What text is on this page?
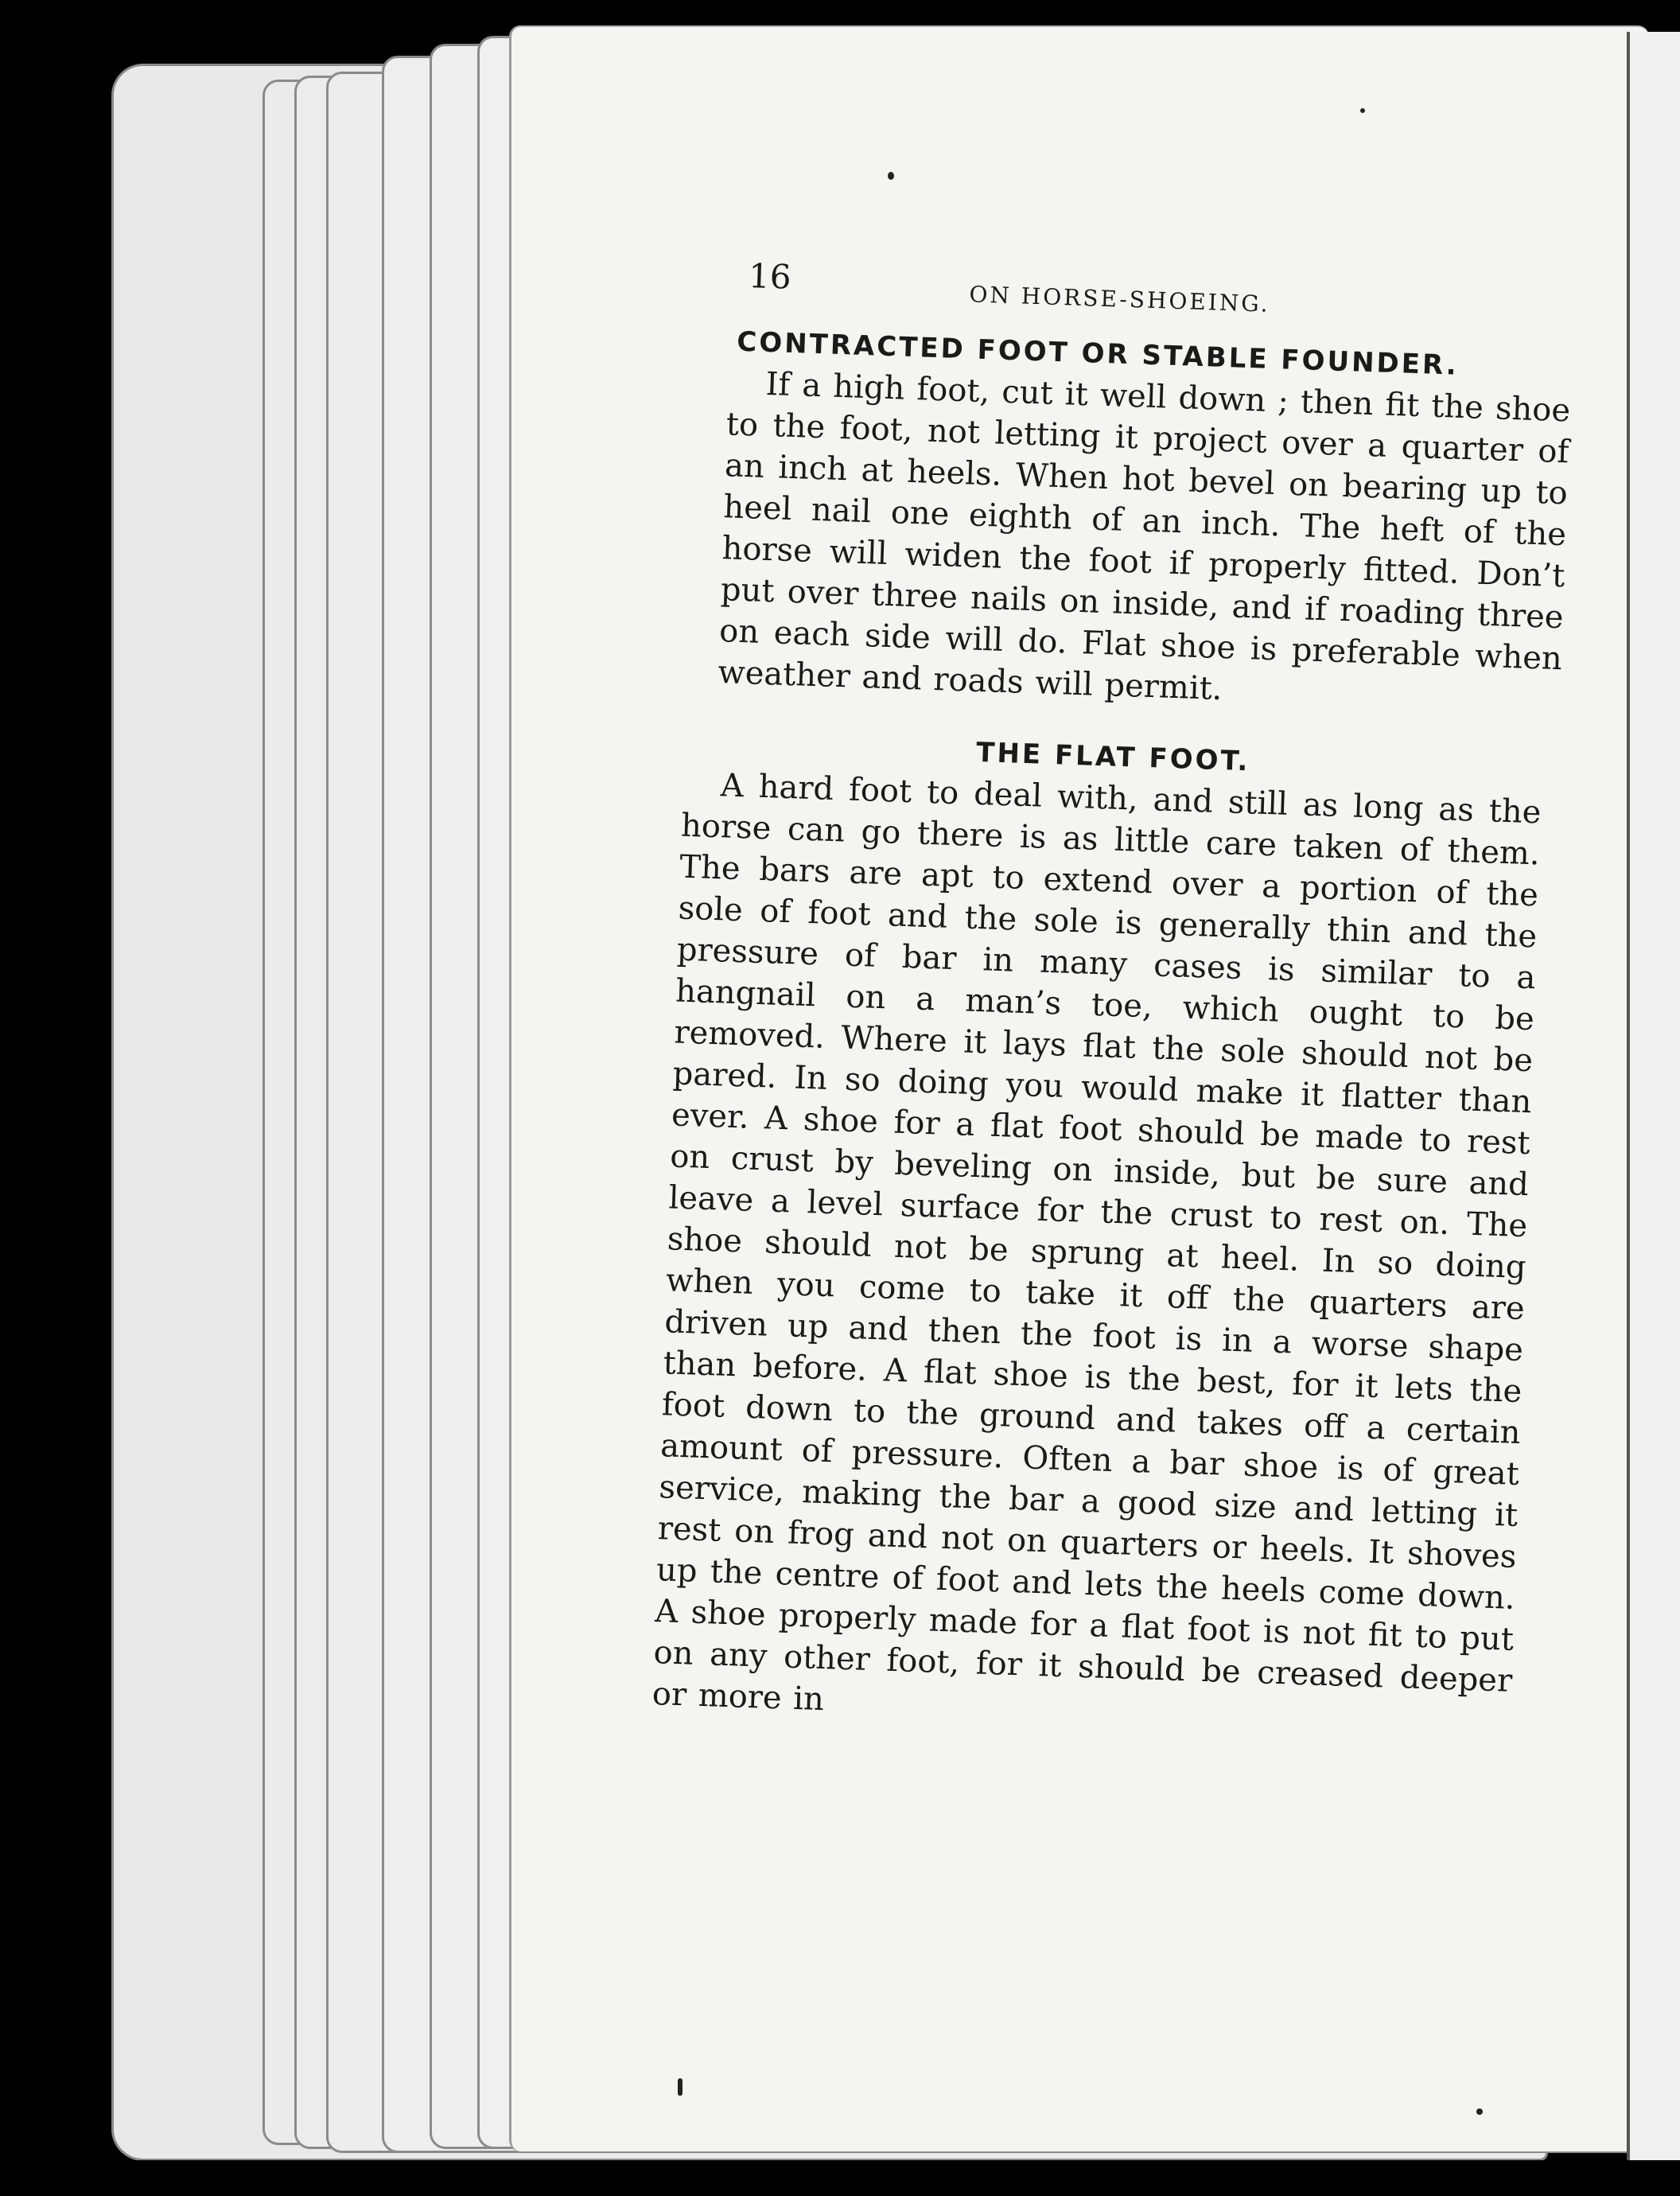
16
ON HORSE-SHOEING.
CONTRACTED FOOT OR STABLE FOUNDER.

If a high foot, cut it well down ; then fit the shoe to the foot, not letting it project over a quarter of an inch at heels. When hot bevel on bearing up to heel nail one eighth of an inch. The heft of the horse will widen the foot if properly fitted. Don’t put over three nails on inside, and if roading three on each side will do. Flat shoe is preferable when weather and roads will permit.

THE FLAT FOOT.

A hard foot to deal with, and still as long as the horse can go there is as little care taken of them. The bars are apt to extend over a portion of the sole of foot and the sole is generally thin and the pressure of bar in many cases is similar to a hangnail on a man’s toe, which ought to be removed. Where it lays flat the sole should not be pared. In so doing you would make it flatter than ever. A shoe for a flat foot should be made to rest on crust by beveling on inside, but be sure and leave a level surface for the crust to rest on. The shoe should not be sprung at heel. In so doing when you come to take it off the quarters are driven up and then the foot is in a worse shape than before. A flat shoe is the best, for it lets the foot down to the ground and takes off a certain amount of pressure. Often a bar shoe is of great service, making the bar a good size and letting it rest on frog and not on quarters or heels. It shoves up the centre of foot and lets the heels come down. A shoe properly made for a flat foot is not fit to put on any other foot, for it should be creased deeper or more in
